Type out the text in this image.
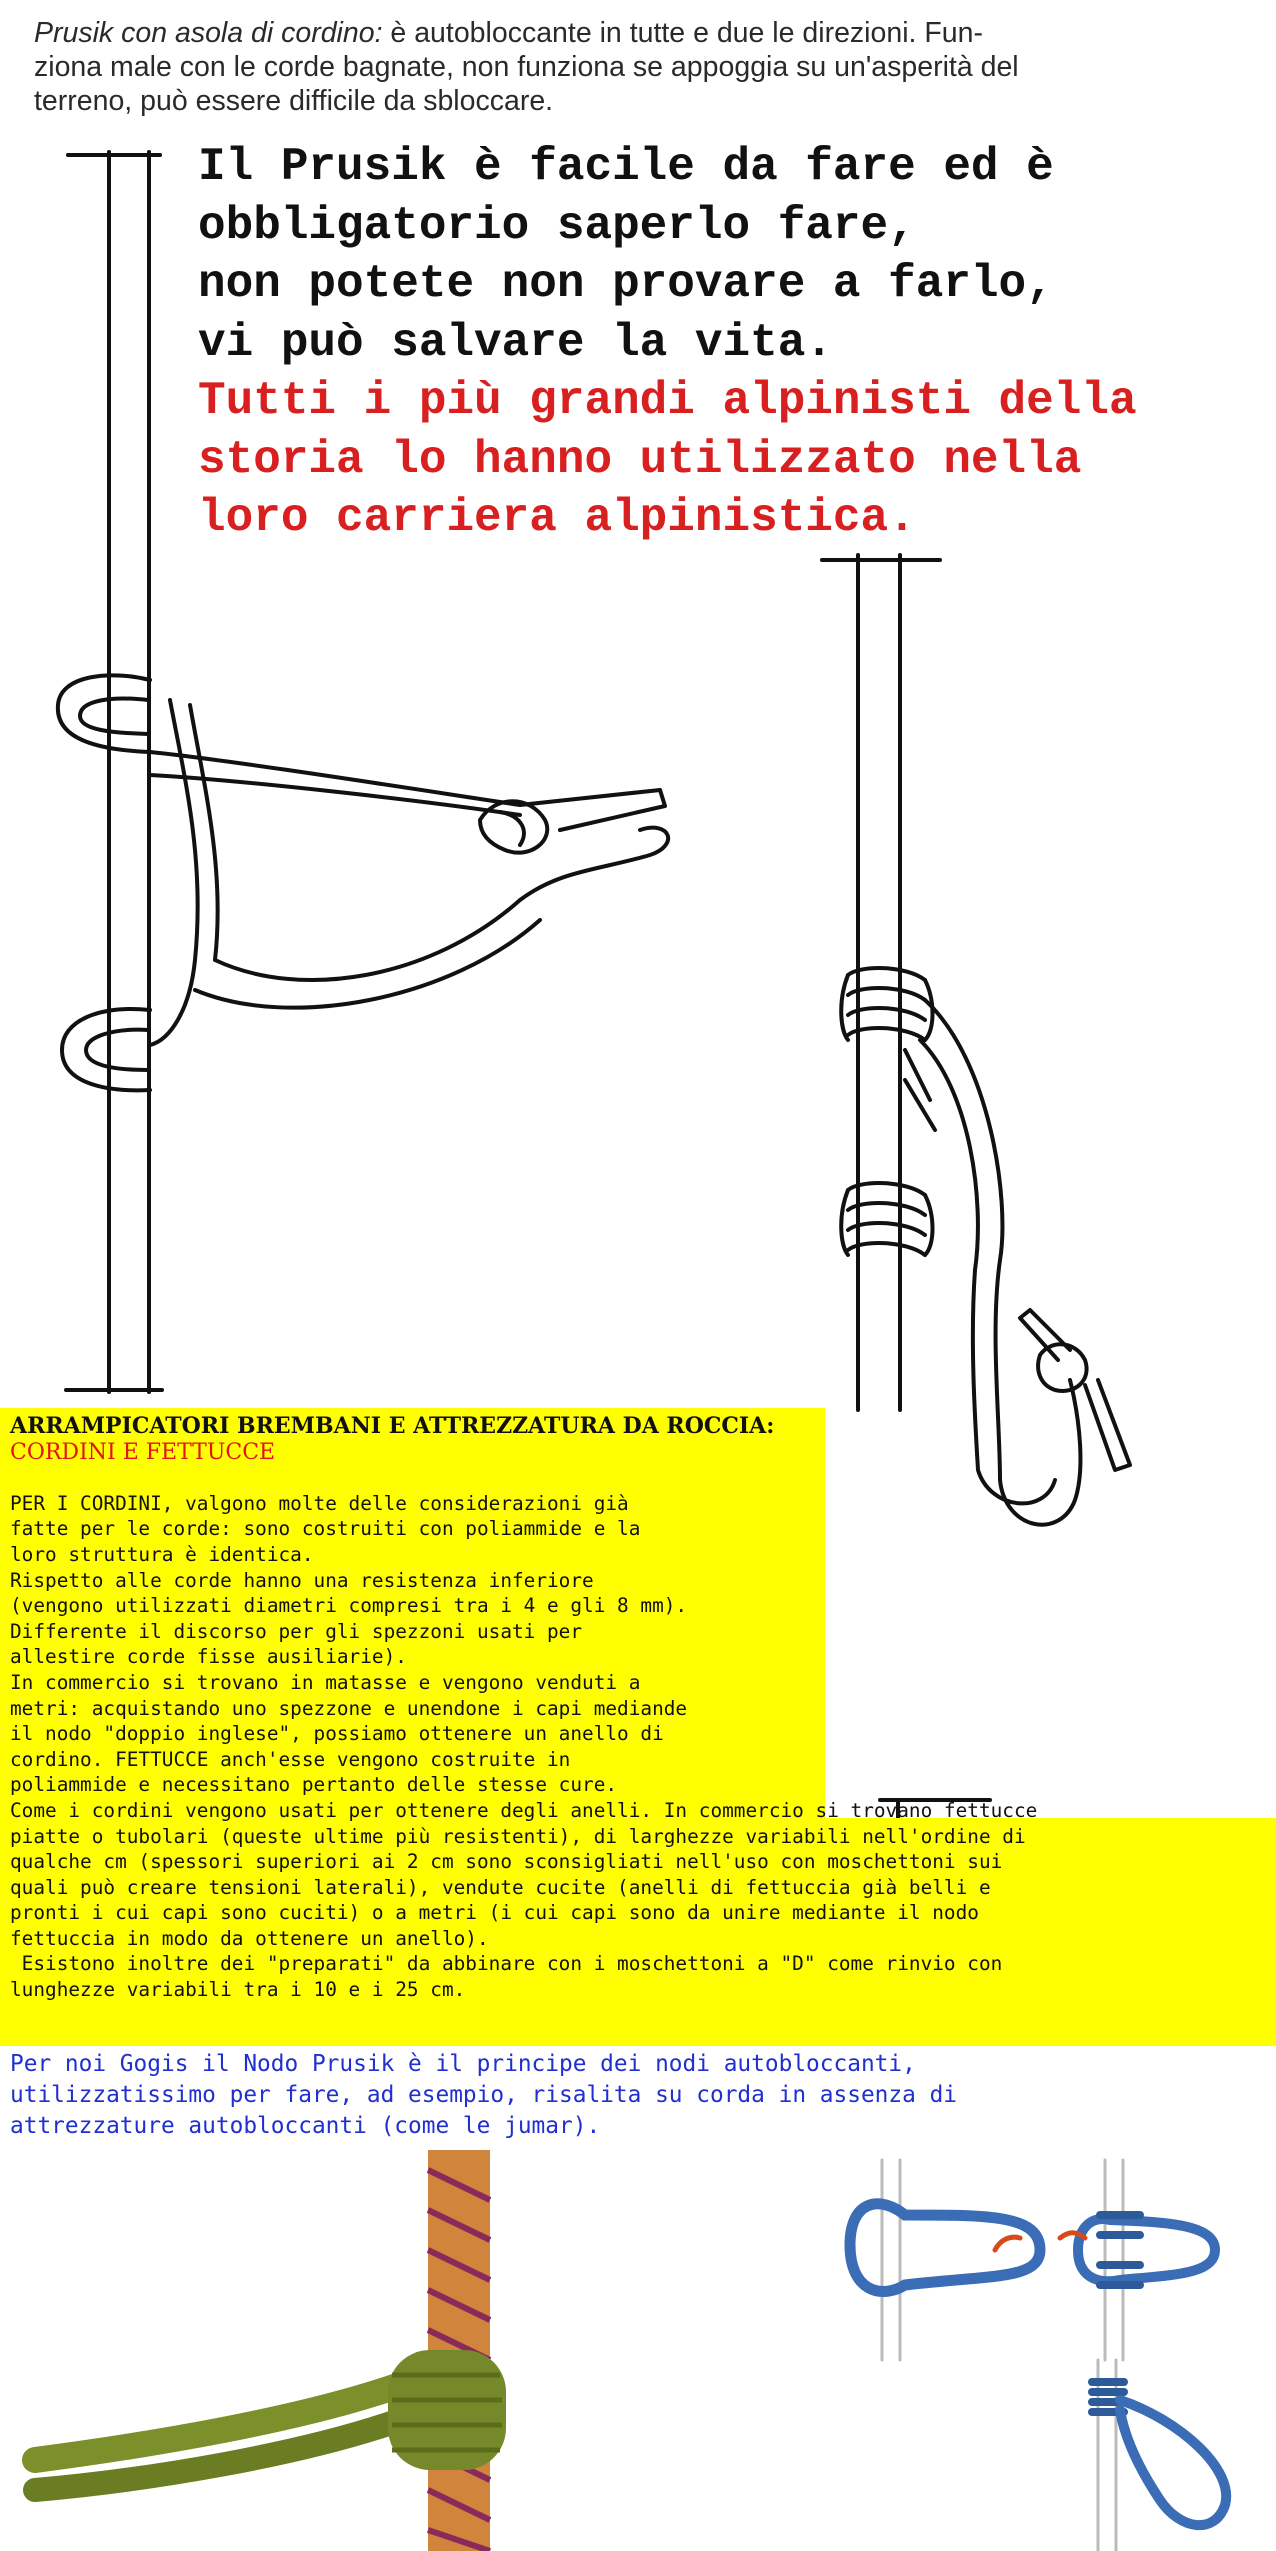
Prusik con asola di cordino: è autobloccante in tutte e due le direzioni. Fun-
ziona male con le corde bagnate, non funziona se appoggia su un'asperità del
terreno, può essere difficile da sbloccare.
Il Prusik è facile da fare ed è
obbligatorio saperlo fare,
non potete non provare a farlo,
vi può salvare la vita.
Tutti i più grandi alpinisti della
storia lo hanno utilizzato nella
loro carriera alpinistica.
ARRAMPICATORI BREMBANI E ATTREZZATURA DA ROCCIA:
CORDINI E FETTUCCE

PER I CORDINI, valgono molte delle considerazioni già
fatte per le corde: sono costruiti con poliammide e la
loro struttura è identica.
Rispetto alle corde hanno una resistenza inferiore
(vengono utilizzati diametri compresi tra i 4 e gli 8 mm).
Differente il discorso per gli spezzoni usati per
allestire corde fisse ausiliarie).
In commercio si trovano in matasse e vengono venduti a
metri: acquistando uno spezzone e unendone i capi mediande
il nodo "doppio inglese", possiamo ottenere un anello di
cordino. FETTUCCE anch'esse vengono costruite in
poliammide e necessitano pertanto delle stesse cure.
Come i cordini vengono usati per ottenere degli anelli. In commercio si trovano fettucce
piatte o tubolari (queste ultime più resistenti), di larghezze variabili nell'ordine di
qualche cm (spessori superiori ai 2 cm sono sconsigliati nell'uso con moschettoni sui
quali può creare tensioni laterali), vendute cucite (anelli di fettuccia già belli e
pronti i cui capi sono cuciti) o a metri (i cui capi sono da unire mediante il nodo
fettuccia in modo da ottenere un anello).
Esistono inoltre dei "preparati" da abbinare con i moschettoni a "D" come rinvio con
lunghezze variabili tra i 10 e i 25 cm.
Per noi Gogis il Nodo Prusik è il principe dei nodi autobloccanti,
utilizzatissimo per fare, ad esempio, risalita su corda in assenza di
attrezzature autobloccanti (come le jumar).
